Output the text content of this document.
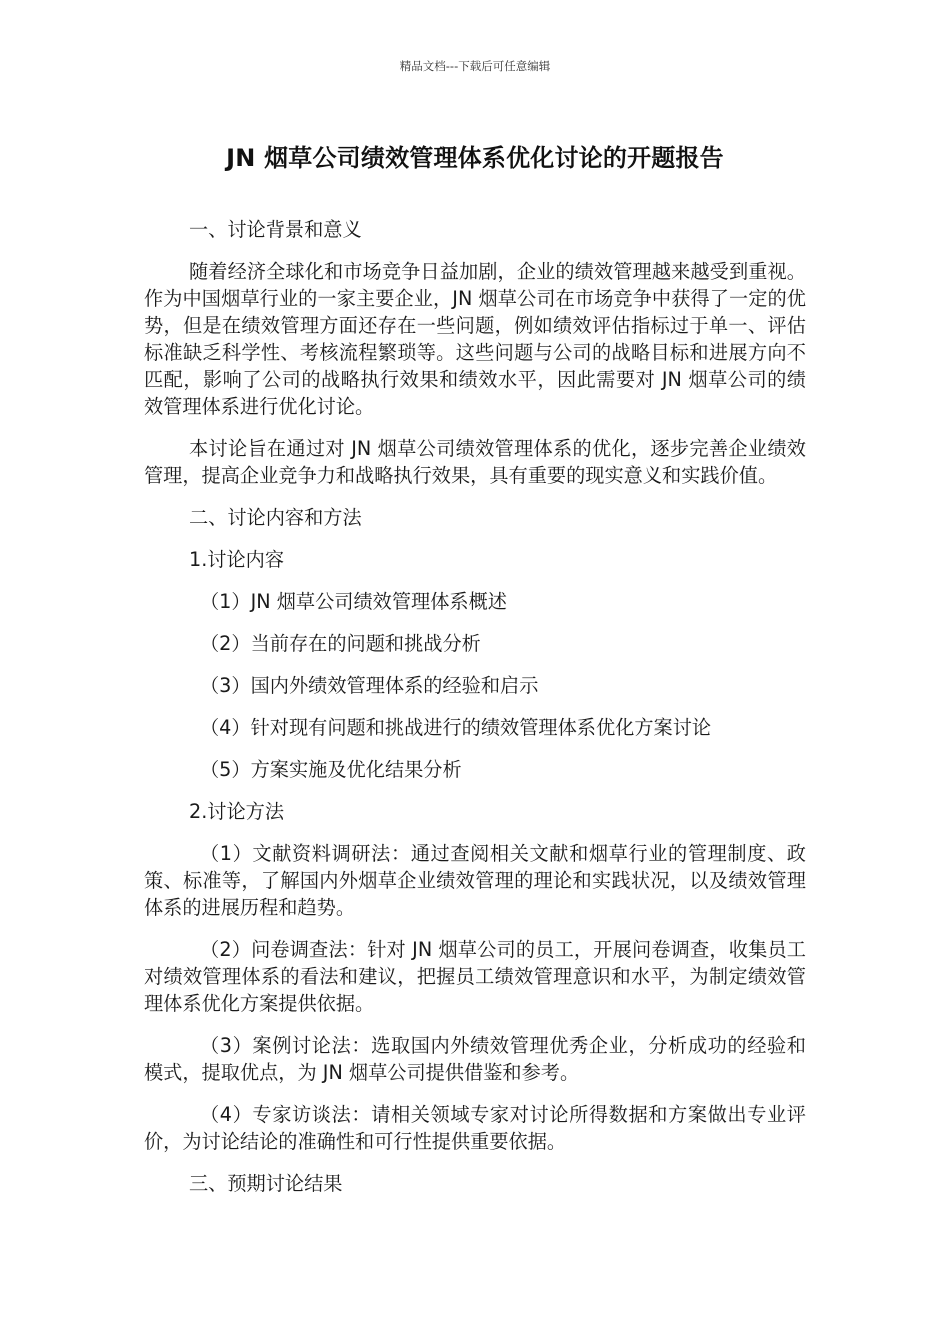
精品文档---下载后可任意编辑
JN 烟草公司绩效管理体系优化讨论的开题报告
一、讨论背景和意义
随着经济全球化和市场竞争日益加剧，企业的绩效管理越来越受到重视。作为中国烟草行业的一家主要企业，JN 烟草公司在市场竞争中获得了一定的优势，但是在绩效管理方面还存在一些问题，例如绩效评估指标过于单一、评估标准缺乏科学性、考核流程繁琐等。这些问题与公司的战略目标和进展方向不匹配，影响了公司的战略执行效果和绩效水平，因此需要对 JN 烟草公司的绩效管理体系进行优化讨论。
本讨论旨在通过对 JN 烟草公司绩效管理体系的优化，逐步完善企业绩效管理，提高企业竞争力和战略执行效果，具有重要的现实意义和实践价值。
二、讨论内容和方法
1.讨论内容
（1）JN 烟草公司绩效管理体系概述
（2）当前存在的问题和挑战分析
（3）国内外绩效管理体系的经验和启示
（4）针对现有问题和挑战进行的绩效管理体系优化方案讨论
（5）方案实施及优化结果分析
2.讨论方法
（1）文献资料调研法：通过查阅相关文献和烟草行业的管理制度、政策、标准等，了解国内外烟草企业绩效管理的理论和实践状况，以及绩效管理体系的进展历程和趋势。
（2）问卷调查法：针对 JN 烟草公司的员工，开展问卷调查，收集员工对绩效管理体系的看法和建议，把握员工绩效管理意识和水平，为制定绩效管理体系优化方案提供依据。
（3）案例讨论法：选取国内外绩效管理优秀企业，分析成功的经验和模式，提取优点，为 JN 烟草公司提供借鉴和参考。
（4）专家访谈法：请相关领域专家对讨论所得数据和方案做出专业评价，为讨论结论的准确性和可行性提供重要依据。
三、预期讨论结果
